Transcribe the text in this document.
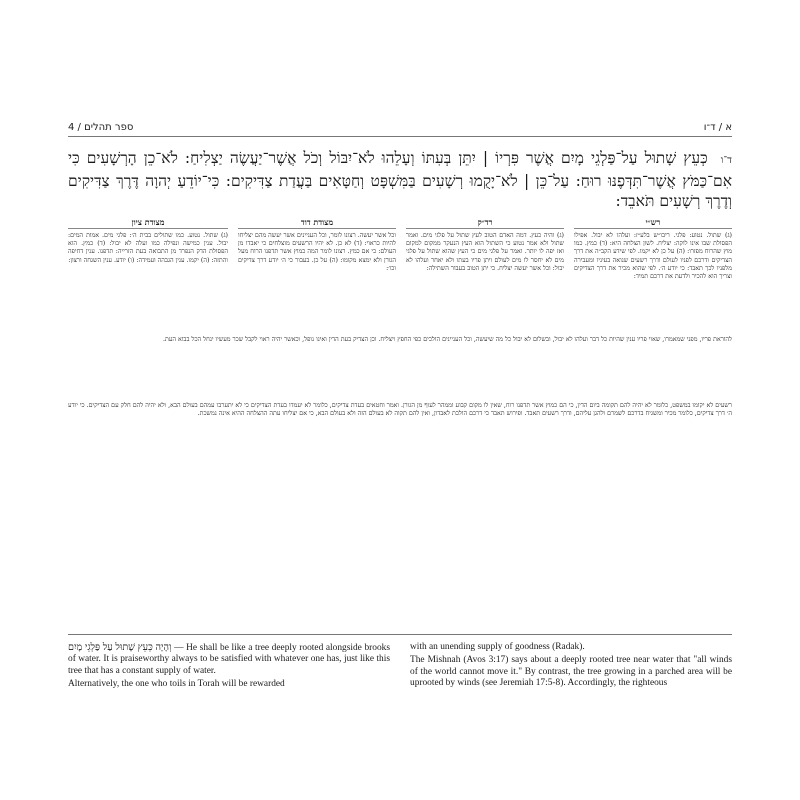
4 / ספר תהלים	א / ד־ו
ד־ו כְּעֵץ שָׁתוּל עַל־פַּלְגֵי מָיִם אֲשֶׁר פִּרְיוֹ | יִתֵּן בְּעִתּוֹ וְעָלֵהוּ לֹא־יִבּוֹל וְכֹל אֲשֶׁר־יַעֲשֶׂה יַצְלִיחַ: לֹא־כֵן הָרְשָׁעִים כִּי אִם־כַּמֹּץ אֲשֶׁר־תִּדְּפֶנּוּ רוּחַ: עַל־כֵּן | לֹא־יָקֻמוּ רְשָׁעִים בַּמִּשְׁפָּט וְחַטָּאִים בַּעֲדַת צַדִּיקִים: כִּי־יוֹדֵעַ יְהוָה דֶּרֶךְ צַדִּיקִים וְדֶרֶךְ רְשָׁעִים תֹּאבֵד:
רש״י
(ג) שתול. נטוע: פלגי. ריבו״ש בלע״ז: ועלהו לא יבול. אפילו הפסולת שבו אינו לוקה: יצליח. לשון הצלחה היא: (ד) כמץ. כמו מוץ שהרוח מפזרו: (ה) על כן לא יקמו. לפי שידע הקב״ה את דרך הצדיקים ודרכם לפניו לעולם ודרך רשעים שנואה בעיניו ומעבירה מלפניו לכך תאבד: כי יודע ה׳. לפי שהוא מכיר את דרך הצדיקים וצריך הוא להכיר ולדעת את דרכם תמיד:
רד״ק
(ג) והיה כעץ. דמה האדם הטוב לעץ שתול על פלגי מים. ואמר שתול ולא אמר נטוע כי השתול הוא העץ הנעקר ממקום למקום ואז יפה לו יותר. ואמר על פלגי מים כי העץ שהוא שתול על פלגי מים לא יחסר לו מים לעולם ויתן פריו בעתו ולא יאחר ועלהו לא יבול: וכל אשר יעשה יצליח. כי יתן הטוב בעבור השתילה:
מצודת דוד
וכל אשר יעשה. רצונו לומר, וכל העניינים אשר יעשה מהם יצליחו להיות כראוי: (ד) לא כן. לא יהיו הרשעים מוצלחים כי יאבדו מן העולם: כי אם כמץ. רצונו לומר המה כמוץ אשר תדפנו הרוח מעל הגורן ולא ימצא מקומו: (ה) על כן. בעבור כי ה׳ יודע דרך צדיקים וכו׳:
מצודת ציון
(ג) שתול. נטוע. כמו שתולים בבית ה׳: פלגי מים. אמות המים: יבול. ענין כמישה ונפילה כמו ועלה לא יבול: (ד) כמץ. הוא הפסולת הדק הנפרד מן התבואה בעת הזרייה: תדפנו. ענין דחיפה והתזה: (ה) יקמו. ענין הגבהה ועמידה: (ו) יודע. ענין השגחה ורצון:
להוראת פריו, מפני שמאמרו, שאוי פריו ענין שהיות כל דבר ועלהו לא יבול, ובשלום לא יבול כל מה שיעשה, וכל העניינים הולכים כפי החפץ ויצליח. וכן הצדיק בעת הדין ואינו נופל, וכאשר יהיה ראוי לקבל שכר מעשיו ינחל הכל בבוא העת.
רשעים לא יקומו במשפט, כלומר לא יהיה להם תקומה ביום הדין, כי הם כמוץ אשר תדפנו רוח, שאין לו מקום קבוע וממהר לעוף מן הגורן. ואמר וחטאים בעדת צדיקים, כלומר לא יעמדו בעדת הצדיקים כי לא יתערבו עמהם בעולם הבא, ולא יהיה להם חלק עם הצדיקים. כי יודע ה׳ דרך צדיקים, כלומר מכיר ומשגיח בדרכם לשמרם ולהגן עליהם, ודרך רשעים תאבד. ופירוש תאבד כי דרכם הולכת לאבדון, ואין להם תקוה לא בעולם הזה ולא בעולם הבא, כי אם יצליחו עתה ההצלחה ההיא אינה נמשכת.

וְהָיָה כְּעֵץ שָׁתוּל עַל פַּלְגֵי מָיִם — He shall be like a tree deeply rooted alongside brooks of water. It is praiseworthy always to be satisfied with whatever one has, just like this tree that has a constant supply of water.

Alternatively, the one who toils in Torah will be rewarded

with an unending supply of goodness (Radak).

The Mishnah (Avos 3:17) says about a deeply rooted tree near water that "all winds of the world cannot move it." By contrast, the tree growing in a parched area will be uprooted by winds (see Jeremiah 17:5-8). Accordingly, the righteous
